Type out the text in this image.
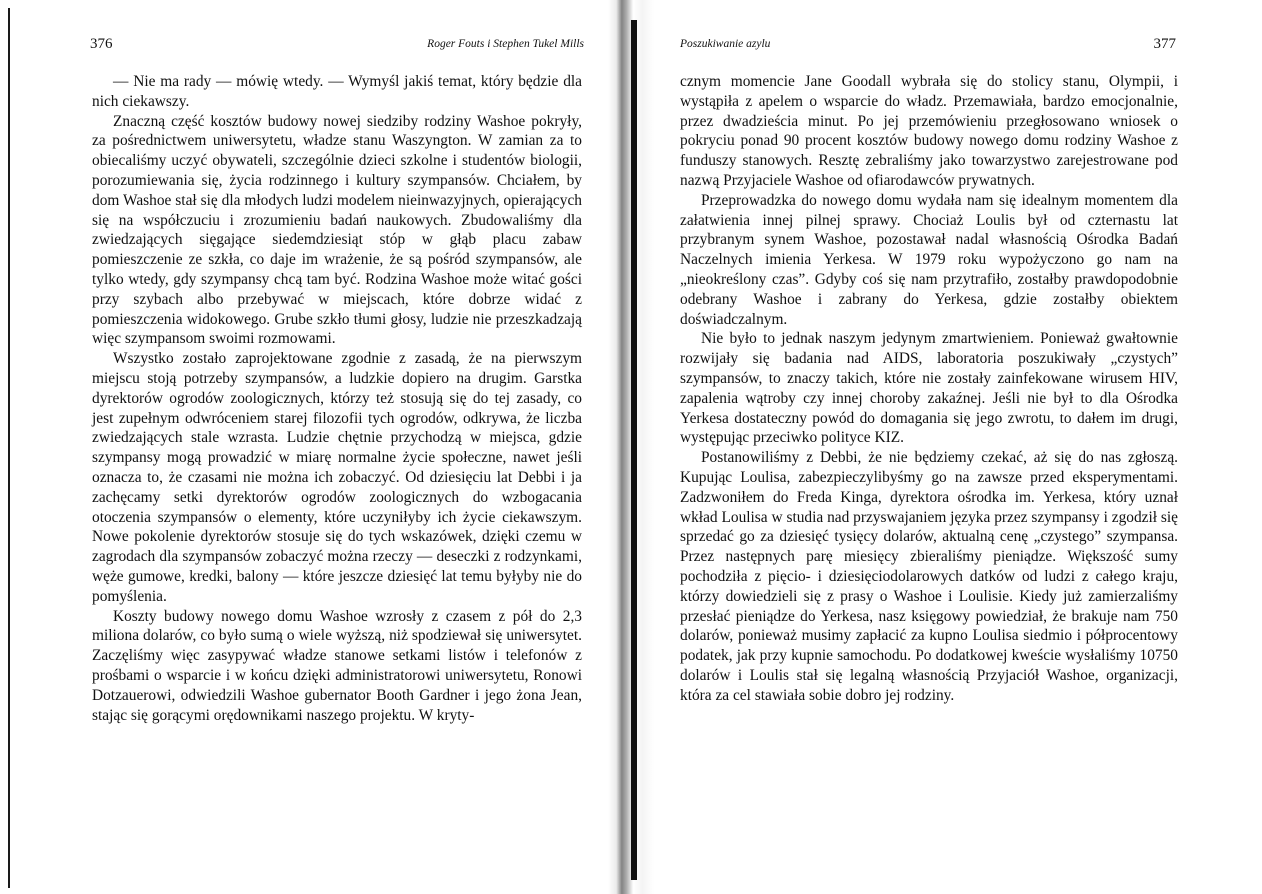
376	Roger Fouts i Stephen Tukel Mills

— Nie ma rady — mówię wtedy. — Wymyśl jakiś temat, który będzie dla nich ciekawszy.

Znaczną część kosztów budowy nowej siedziby rodziny Washoe pokryły, za pośrednictwem uniwersytetu, władze stanu Waszyngton. W zamian za to obiecaliśmy uczyć obywateli, szczególnie dzieci szkolne i studentów biologii, porozumiewania się, życia rodzinnego i kultury szympansów. Chciałem, by dom Washoe stał się dla młodych ludzi modelem nieinwazyjnych, opierających się na współczuciu i zrozumieniu badań naukowych. Zbudowaliśmy dla zwiedzających sięgające siedemdziesiąt stóp w głąb placu zabaw pomieszczenie ze szkła, co daje im wrażenie, że są pośród szympansów, ale tylko wtedy, gdy szympansy chcą tam być. Rodzina Washoe może witać gości przy szybach albo przebywać w miejscach, które dobrze widać z pomieszczenia widokowego. Grube szkło tłumi głosy, ludzie nie przeszkadzają więc szympansom swoimi rozmowami.

Wszystko zostało zaprojektowane zgodnie z zasadą, że na pierwszym miejscu stoją potrzeby szympansów, a ludzkie dopiero na drugim. Garstka dyrektorów ogrodów zoologicznych, którzy też stosują się do tej zasady, co jest zupełnym odwróceniem starej filozofii tych ogrodów, odkrywa, że liczba zwiedzających stale wzrasta. Ludzie chętnie przychodzą w miejsca, gdzie szympansy mogą prowadzić w miarę normalne życie społeczne, nawet jeśli oznacza to, że czasami nie można ich zobaczyć. Od dziesięciu lat Debbi i ja zachęcamy setki dyrektorów ogrodów zoologicznych do wzbogacania otoczenia szympansów o elementy, które uczyniłyby ich życie ciekawszym. Nowe pokolenie dyrektorów stosuje się do tych wskazówek, dzięki czemu w zagrodach dla szympansów zobaczyć można rzeczy — deseczki z rodzynkami, węże gumowe, kredki, balony — które jeszcze dziesięć lat temu byłyby nie do pomyślenia.

Koszty budowy nowego domu Washoe wzrosły z czasem z pół do 2,3 miliona dolarów, co było sumą o wiele wyższą, niż spodziewał się uniwersytet. Zaczęliśmy więc zasypywać władze stanowe setkami listów i telefonów z prośbami o wsparcie i w końcu dzięki administratorowi uniwersytetu, Ronowi Dotzauerowi, odwiedzili Washoe gubernator Booth Gardner i jego żona Jean, stając się gorącymi orędownikami naszego projektu. W kryty-

Poszukiwanie azylu	377

cznym momencie Jane Goodall wybrała się do stolicy stanu, Olympii, i wystąpiła z apelem o wsparcie do władz. Przemawiała, bardzo emocjonalnie, przez dwadzieścia minut. Po jej przemówieniu przegłosowano wniosek o pokryciu ponad 90 procent kosztów budowy nowego domu rodziny Washoe z funduszy stanowych. Resztę zebraliśmy jako towarzystwo zarejestrowane pod nazwą Przyjaciele Washoe od ofiarodawców prywatnych.

Przeprowadzka do nowego domu wydała nam się idealnym momentem dla załatwienia innej pilnej sprawy. Chociaż Loulis był od czternastu lat przybranym synem Washoe, pozostawał nadal własnością Ośrodka Badań Naczelnych imienia Yerkesa. W 1979 roku wypożyczono go nam na „nieokreślony czas”. Gdyby coś się nam przytrafiło, zostałby prawdopodobnie odebrany Washoe i zabrany do Yerkesa, gdzie zostałby obiektem doświadczalnym.

Nie było to jednak naszym jedynym zmartwieniem. Ponieważ gwałtownie rozwijały się badania nad AIDS, laboratoria poszukiwały „czystych” szympansów, to znaczy takich, które nie zostały zainfekowane wirusem HIV, zapalenia wątroby czy innej choroby zakaźnej. Jeśli nie był to dla Ośrodka Yerkesa dostateczny powód do domagania się jego zwrotu, to dałem im drugi, występując przeciwko polityce KIZ.

Postanowiliśmy z Debbi, że nie będziemy czekać, aż się do nas zgłoszą. Kupując Loulisa, zabezpieczylibyśmy go na zawsze przed eksperymentami. Zadzwoniłem do Freda Kinga, dyrektora ośrodka im. Yerkesa, który uznał wkład Loulisa w studia nad przyswajaniem języka przez szympansy i zgodził się sprzedać go za dziesięć tysięcy dolarów, aktualną cenę „czystego” szympansa. Przez następnych parę miesięcy zbieraliśmy pieniądze. Większość sumy pochodziła z pięcio- i dziesięciodolarowych datków od ludzi z całego kraju, którzy dowiedzieli się z prasy o Washoe i Loulisie. Kiedy już zamierzaliśmy przesłać pieniądze do Yerkesa, nasz księgowy powiedział, że brakuje nam 750 dolarów, ponieważ musimy zapłacić za kupno Loulisa siedmio i półprocentowy podatek, jak przy kupnie samochodu. Po dodatkowej kweście wysłaliśmy 10750 dolarów i Loulis stał się legalną własnością Przyjaciół Washoe, organizacji, która za cel stawiała sobie dobro jej rodziny.
